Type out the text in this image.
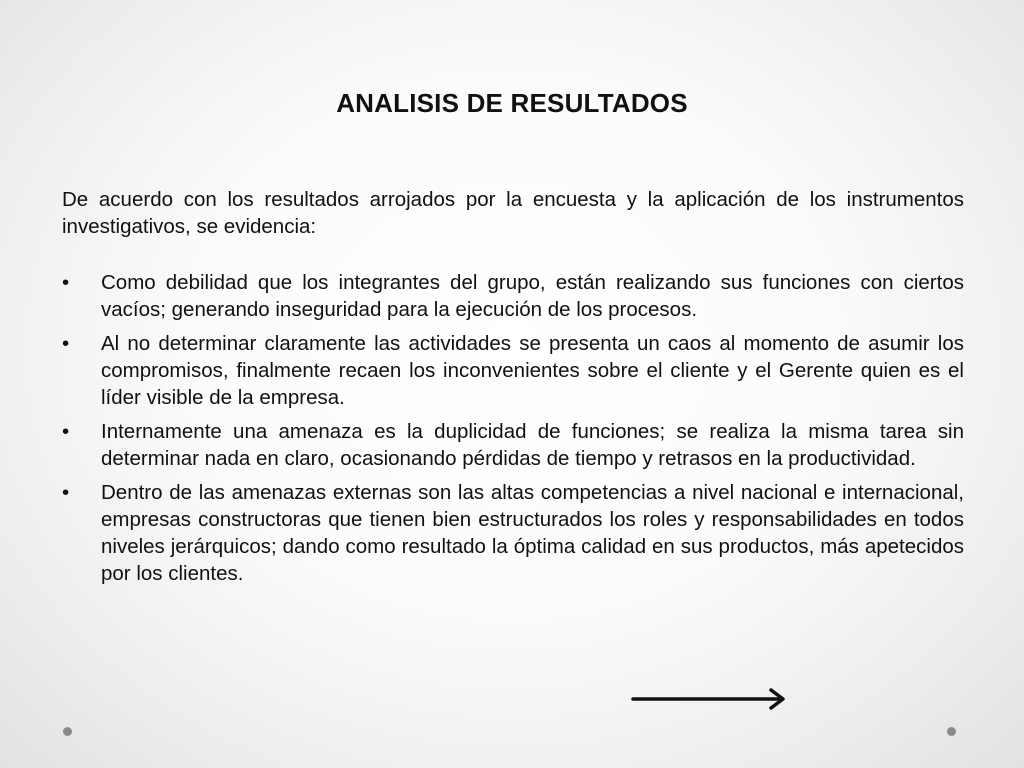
ANALISIS DE RESULTADOS

De acuerdo con los resultados arrojados por la encuesta y la aplicación de los instrumentos investigativos, se evidencia:

• Como debilidad que los integrantes del grupo, están realizando sus funciones con ciertos vacíos; generando inseguridad para la ejecución de los procesos.
• Al no determinar claramente las actividades se presenta un caos al momento de asumir los compromisos, finalmente recaen los inconvenientes sobre el cliente y el Gerente quien es el líder visible de la empresa.
• Internamente una amenaza es la duplicidad de funciones; se realiza la misma tarea sin determinar nada en claro, ocasionando pérdidas de tiempo y retrasos en la productividad.
• Dentro de las amenazas externas son las altas competencias a nivel nacional e internacional, empresas constructoras que tienen bien estructurados los roles y responsabilidades en todos niveles jerárquicos; dando como resultado la óptima calidad en sus productos, más apetecidos por los clientes.
